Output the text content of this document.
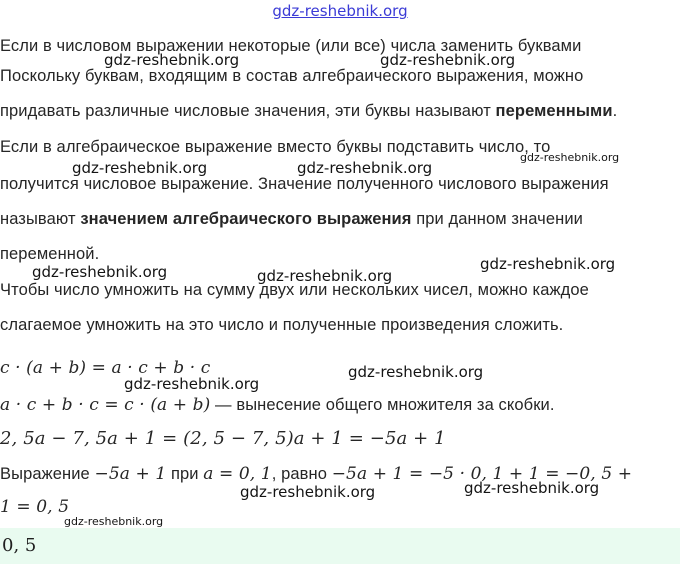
gdz-reshebnik.org
Если в числовом выражении некоторые (или все) числа заменить буквами
Поскольку буквам, входящим в состав алгебраического выражения, можно
придавать различные числовые значения, эти буквы называют переменными.
Если в алгебраическое выражение вместо буквы подставить число, то
получится числовое выражение. Значение полученного числового выражения
называют значением алгебраического выражения при данном значении
переменной.
Чтобы число умножить на сумму двух или нескольких чисел, можно каждое
слагаемое умножить на это число и полученные произведения сложить.
c · (a + b) = a · c + b · c
a · c + b · c = c · (a + b) — вынесение общего множителя за скобки.
2, 5a − 7, 5a + 1 = (2, 5 − 7, 5)a + 1 = −5a + 1
Выражение −5a + 1 при a = 0, 1, равно −5a + 1 = −5 · 0, 1 + 1 = −0, 5 +
1 = 0, 5
0, 5
gdz-reshebnik.org	gdz-reshebnik.org
gdz-reshebnik.org	gdz-reshebnik.org
gdz-reshebnik.org
gdz-reshebnik.org	gdz-reshebnik.org
gdz-reshebnik.org
gdz-reshebnik.org
gdz-reshebnik.org
gdz-reshebnik.org	gdz-reshebnik.org
gdz-reshebnik.org
